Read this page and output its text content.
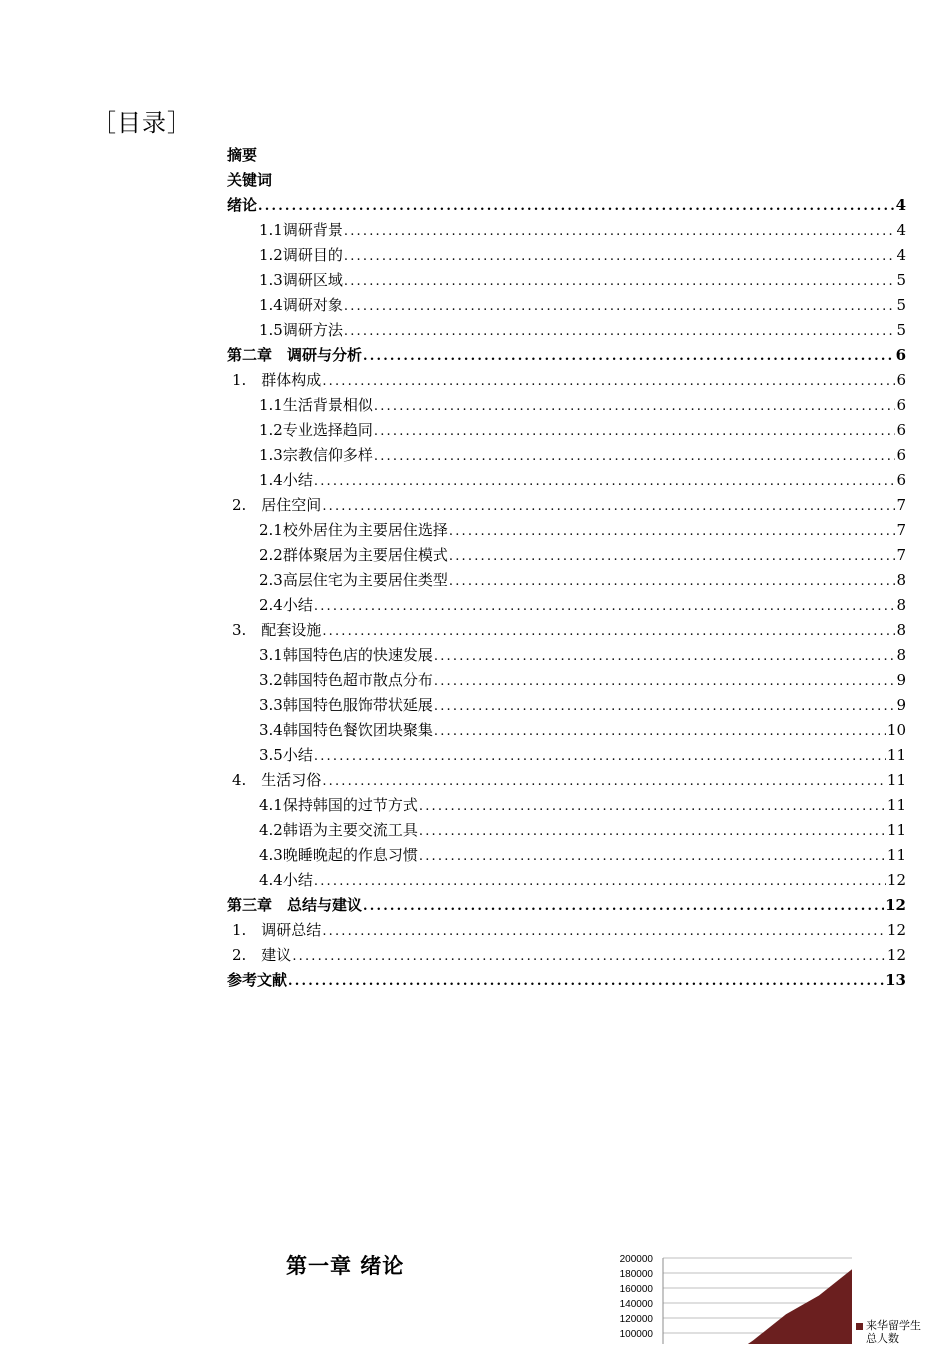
［目录］
摘要
关键词
绪论 .....	4
1.1调研背景 .....	4
1.2调研目的 .....	4
1.3调研区域 .....	5
1.4调研对象 .....	5
1.5调研方法 .....	5
第二章　调研与分析 .....	6
1.　群体构成 .....	6
1.1生活背景相似 .....	6
1.2专业选择趋同 .....	6
1.3宗教信仰多样 .....	6
1.4小结 .....	6
2.　居住空间 .....	7
2.1校外居住为主要居住选择 .....	7
2.2群体聚居为主要居住模式 .....	7
2.3高层住宅为主要居住类型 .....	8
2.4小结 .....	8
3.　配套设施 .....	8
3.1韩国特色店的快速发展 .....	8
3.2韩国特色超市散点分布 .....	9
3.3韩国特色服饰带状延展 .....	9
3.4韩国特色餐饮团块聚集 .....	10
3.5小结 .....	11
4.　生活习俗 .....	11
4.1保持韩国的过节方式 .....	11
4.2韩语为主要交流工具 .....	11
4.3晚睡晚起的作息习惯 .....	11
4.4小结 .....	12
第三章　总结与建议 .....	12
1.　调研总结 .....	12
2.　建议 .....	12
参考文献 .....	13
第一章 绪论	200000
180000
160000
140000
120000
100000
来华留学生总人数
